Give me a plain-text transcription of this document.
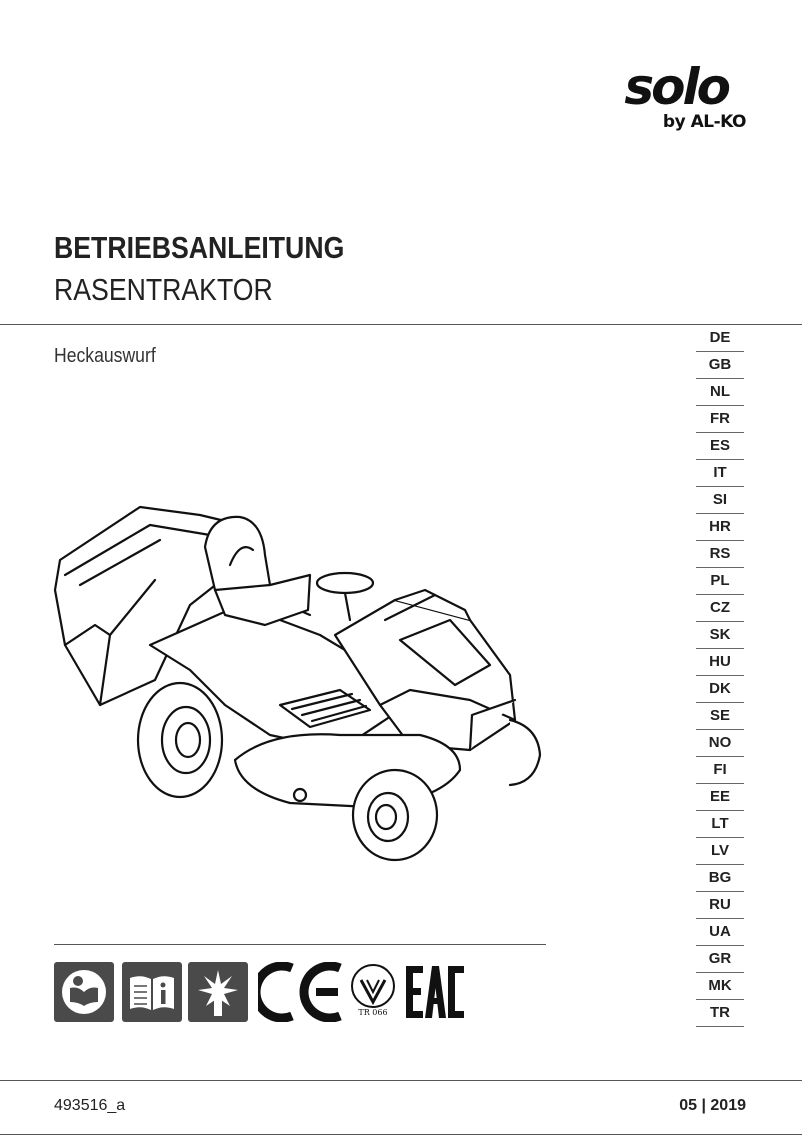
solo
by AL-KO
BETRIEBSANLEITUNG
RASENTRAKTOR
Heckauswurf
DE
GB
NL
FR
ES
IT
SI
HR
RS
PL
CZ
SK
HU
DK
SE
NO
FI
EE
LT
LV
BG
RU
UA
GR
MK
TR
TR 066
493516_a	05 | 2019
